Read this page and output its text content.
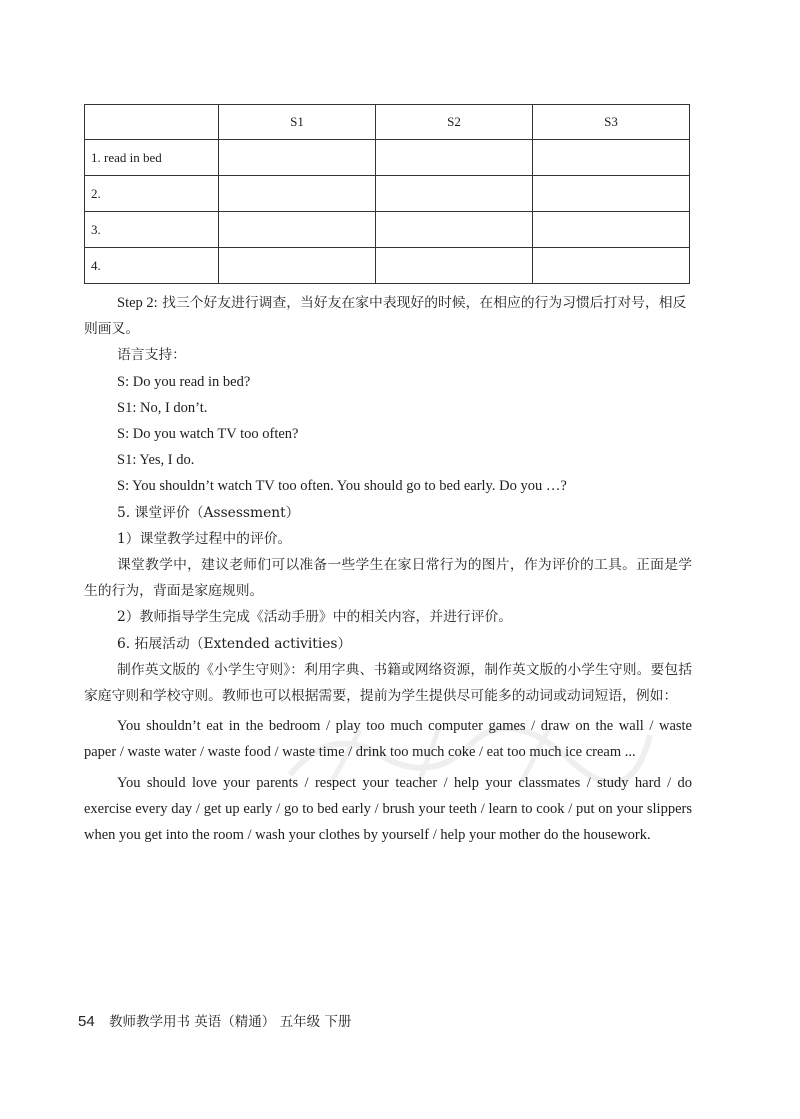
	S1	S2	S3
1. read in bed			
2.			
3.			
4.			

Step 2: 找三个好友进行调查，当好友在家中表现好的时候，在相应的行为习惯后打对号，相反则画叉。

语言支持：

S: Do you read in bed?

S1: No, I don’t.

S: Do you watch TV too often?

S1: Yes, I do.

S: You shouldn’t watch TV too often. You should go to bed early. Do you …?

5. 课堂评价（Assessment）

1）课堂教学过程中的评价。

课堂教学中，建议老师们可以准备一些学生在家日常行为的图片，作为评价的工具。正面是学生的行为，背面是家庭规则。

2）教师指导学生完成《活动手册》中的相关内容，并进行评价。

6. 拓展活动（Extended activities）

制作英文版的《小学生守则》：利用字典、书籍或网络资源，制作英文版的小学生守则。要包括家庭守则和学校守则。教师也可以根据需要，提前为学生提供尽可能多的动词或动词短语，例如：

You shouldn’t eat in the bedroom / play too much computer games / draw on the wall / waste paper / waste water / waste food / waste time / drink too much coke / eat too much ice cream ...

You should love your parents / respect your teacher / help your classmates / study hard / do exercise every day / get up early / go to bed early / brush your teeth / learn to cook / put on your slippers when you get into the room / wash your clothes by yourself / help your mother do the housework.

54 教师教学用书 英语（精通） 五年级 下册
